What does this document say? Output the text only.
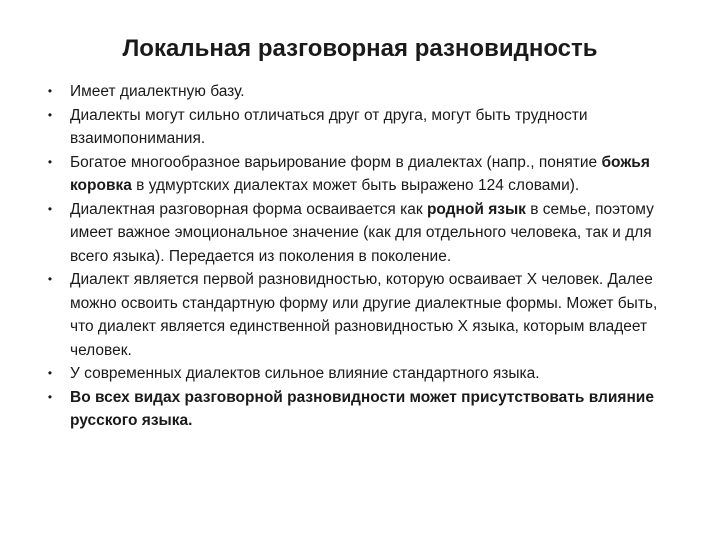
Локальная разговорная разновидность
• Имеет диалектную базу.
• Диалекты могут сильно отличаться друг от друга, могут быть трудности взаимопонимания.
• Богатое многообразное варьирование форм в диалектах (напр., понятие божья коровка в удмуртских диалектах может быть выражено 124 словами).
• Диалектная разговорная форма осваивается как родной язык в семье, поэтому имеет важное эмоциональное значение (как для отдельного человека, так и для всего языка). Передается из поколения в поколение.
• Диалект является первой разновидностью, которую осваивает Х человек. Далее можно освоить стандартную форму или другие диалектные формы. Может быть, что диалект является единственной разновидностью Х языка, которым владеет человек.
• У современных диалектов сильное влияние стандартного языка.
• Во всех видах разговорной разновидности может присутствовать влияние русского языка.
